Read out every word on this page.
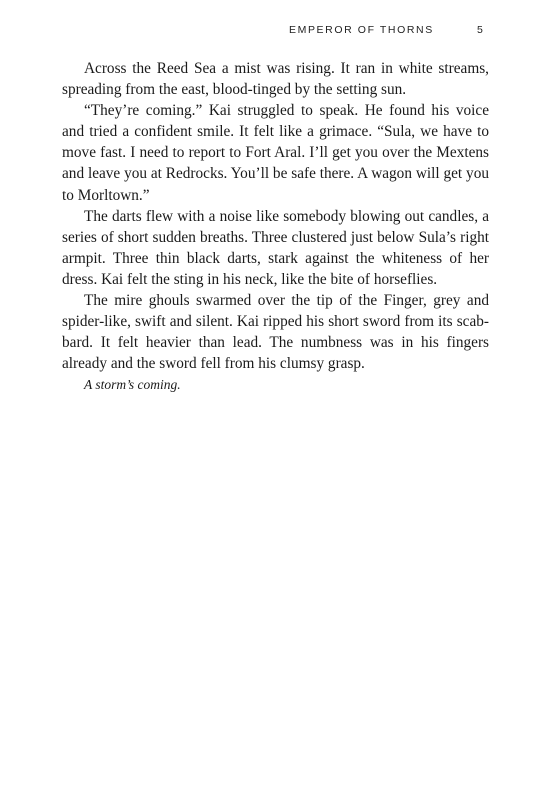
EMPEROR OF THORNS	5

Across the Reed Sea a mist was rising. It ran in white streams, spreading from the east, blood-tinged by the setting sun.

“They’re coming.” Kai struggled to speak. He found his voice and tried a confident smile. It felt like a grimace. “Sula, we have to move fast. I need to report to Fort Aral. I’ll get you over the Mextens and leave you at Redrocks. You’ll be safe there. A wagon will get you to Morltown.”

The darts flew with a noise like somebody blowing out candles, a series of short sudden breaths. Three clustered just below Sula’s right armpit. Three thin black darts, stark against the whiteness of her dress. Kai felt the sting in his neck, like the bite of horseflies.

The mire ghouls swarmed over the tip of the Finger, grey and spider-like, swift and silent. Kai ripped his short sword from its scabbard. It felt heavier than lead. The numbness was in his fingers already and the sword fell from his clumsy grasp.

A storm’s coming.
